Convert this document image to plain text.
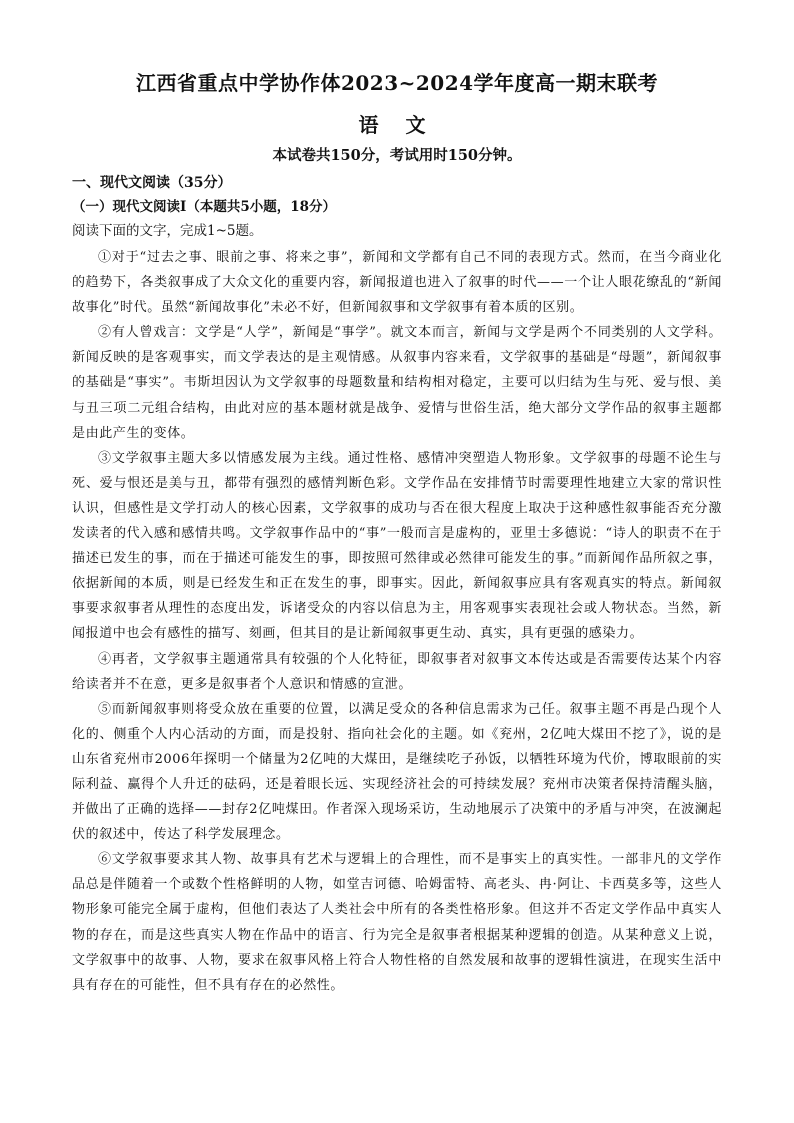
江西省重点中学协作体2023~2024学年度高一期末联考
语 文
本试卷共150分，考试用时150分钟。
一、现代文阅读（35分）
（一）现代文阅读Ⅰ（本题共5小题，18分）
阅读下面的文字，完成1~5题。

①对于“过去之事、眼前之事、将来之事”，新闻和文学都有自己不同的表现方式。然而，在当今商业化的趋势下，各类叙事成了大众文化的重要内容，新闻报道也进入了叙事的时代——一个让人眼花缭乱的“新闻故事化”时代。虽然“新闻故事化”未必不好，但新闻叙事和文学叙事有着本质的区别。

②有人曾戏言：文学是“人学”，新闻是“事学”。就文本而言，新闻与文学是两个不同类别的人文学科。新闻反映的是客观事实，而文学表达的是主观情感。从叙事内容来看，文学叙事的基础是“母题”，新闻叙事的基础是“事实”。韦斯坦因认为文学叙事的母题数量和结构相对稳定，主要可以归结为生与死、爱与恨、美与丑三项二元组合结构，由此对应的基本题材就是战争、爱情与世俗生活，绝大部分文学作品的叙事主题都是由此产生的变体。

③文学叙事主题大多以情感发展为主线。通过性格、感情冲突塑造人物形象。文学叙事的母题不论生与死、爱与恨还是美与丑，都带有强烈的感情判断色彩。文学作品在安排情节时需要理性地建立大家的常识性认识，但感性是文学打动人的核心因素，文学叙事的成功与否在很大程度上取决于这种感性叙事能否充分激发读者的代入感和感情共鸣。文学叙事作品中的“事”一般而言是虚构的，亚里士多德说：“诗人的职责不在于描述已发生的事，而在于描述可能发生的事，即按照可然律或必然律可能发生的事。”而新闻作品所叙之事，依据新闻的本质，则是已经发生和正在发生的事，即事实。因此，新闻叙事应具有客观真实的特点。新闻叙事要求叙事者从理性的态度出发，诉诸受众的内容以信息为主，用客观事实表现社会或人物状态。当然，新闻报道中也会有感性的描写、刻画，但其目的是让新闻叙事更生动、真实，具有更强的感染力。

④再者，文学叙事主题通常具有较强的个人化特征，即叙事者对叙事文本传达或是否需要传达某个内容给读者并不在意，更多是叙事者个人意识和情感的宣泄。

⑤而新闻叙事则将受众放在重要的位置，以满足受众的各种信息需求为己任。叙事主题不再是凸现个人化的、侧重个人内心活动的方面，而是投射、指向社会化的主题。如《兖州，2亿吨大煤田不挖了》，说的是山东省兖州市2006年探明一个储量为2亿吨的大煤田，是继续吃子孙饭，以牺牲环境为代价，博取眼前的实际利益、赢得个人升迁的砝码，还是着眼长远、实现经济社会的可持续发展？兖州市决策者保持清醒头脑，并做出了正确的选择——封存2亿吨煤田。作者深入现场采访，生动地展示了决策中的矛盾与冲突，在波澜起伏的叙述中，传达了科学发展理念。

⑥文学叙事要求其人物、故事具有艺术与逻辑上的合理性，而不是事实上的真实性。一部非凡的文学作品总是伴随着一个或数个性格鲜明的人物，如堂吉诃德、哈姆雷特、高老头、冉·阿让、卡西莫多等，这些人物形象可能完全属于虚构，但他们表达了人类社会中所有的各类性格形象。但这并不否定文学作品中真实人物的存在，而是这些真实人物在作品中的语言、行为完全是叙事者根据某种逻辑的创造。从某种意义上说，文学叙事中的故事、人物，要求在叙事风格上符合人物性格的自然发展和故事的逻辑性演进，在现实生活中具有存在的可能性，但不具有存在的必然性。
